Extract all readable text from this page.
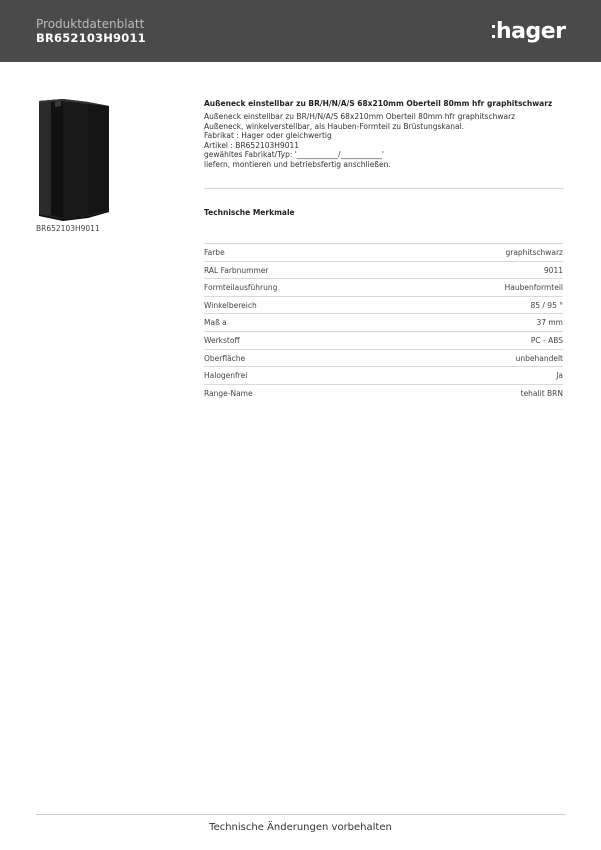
Produktdatenblatt
BR652103H9011	hager
BR652103H9011
Außeneck einstellbar zu BR/H/N/A/S 68x210mm Oberteil 80mm hfr graphitschwarz
Außeneck einstellbar zu BR/H/N/A/S 68x210mm Oberteil 80mm hfr graphitschwarz
Außeneck, winkelverstellbar, als Hauben-Formteil zu Brüstungskanal.
Fabrikat : Hager oder gleichwertig
Artikel : BR652103H9011
gewähltes Fabrikat/Typ: '___________/___________'
liefern, montieren und betriebsfertig anschließen.
Technische Merkmale
Farbe	graphitschwarz
RAL Farbnummer	9011
Formteilausführung	Haubenformteil
Winkelbereich	85 / 95 °
Maß a	37 mm
Werkstoff	PC - ABS
Oberfläche	unbehandelt
Halogenfrei	Ja
Range-Name	tehalit BRN
Technische Änderungen vorbehalten
